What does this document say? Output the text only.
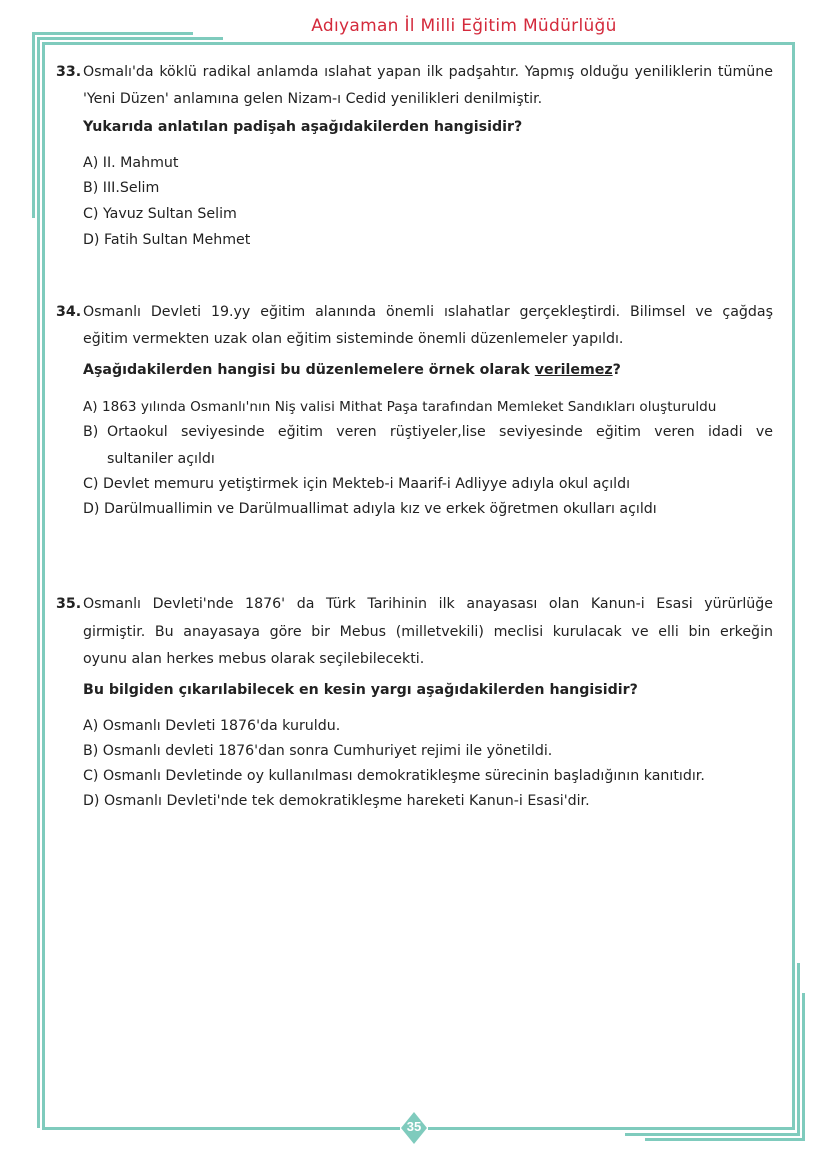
Adıyaman İl Milli Eğitim Müdürlüğü
35
33. Osmalı'da köklü radikal anlamda ıslahat yapan ilk padşahtır. Yapmış olduğu yeniliklerin tümüne
'Yeni Düzen' anlamına gelen Nizam-ı Cedid yenilikleri denilmiştir.
Yukarıda anlatılan padişah aşağıdakilerden hangisidir?
A) II. Mahmut
B) III.Selim
C) Yavuz Sultan Selim
D) Fatih Sultan Mehmet
34. Osmanlı Devleti 19.yy eğitim alanında önemli ıslahatlar gerçekleştirdi. Bilimsel ve çağdaş
eğitim vermekten uzak olan eğitim sisteminde önemli düzenlemeler yapıldı.
Aşağıdakilerden hangisi bu düzenlemelere örnek olarak verilemez?
A) 1863 yılında Osmanlı'nın Niş valisi Mithat Paşa tarafından Memleket Sandıkları oluşturuldu
B) Ortaokul seviyesinde eğitim veren rüştiyeler,lise seviyesinde eğitim veren idadi ve
sultaniler açıldı
C) Devlet memuru yetiştirmek için Mekteb-i Maarif-i Adliyye adıyla okul açıldı
D) Darülmuallimin ve Darülmuallimat adıyla kız ve erkek öğretmen okulları açıldı
35. Osmanlı Devleti'nde 1876' da Türk Tarihinin ilk anayasası olan Kanun-i Esasi yürürlüğe
girmiştir. Bu anayasaya göre bir Mebus (milletvekili) meclisi kurulacak ve elli bin erkeğin
oyunu alan herkes mebus olarak seçilebilecekti.
Bu bilgiden çıkarılabilecek en kesin yargı aşağıdakilerden hangisidir?
A) Osmanlı Devleti 1876'da kuruldu.
B) Osmanlı devleti 1876'dan sonra Cumhuriyet rejimi ile yönetildi.
C) Osmanlı Devletinde oy kullanılması demokratikleşme sürecinin başladığının kanıtıdır.
D) Osmanlı Devleti'nde tek demokratikleşme hareketi Kanun-i Esasi'dir.
